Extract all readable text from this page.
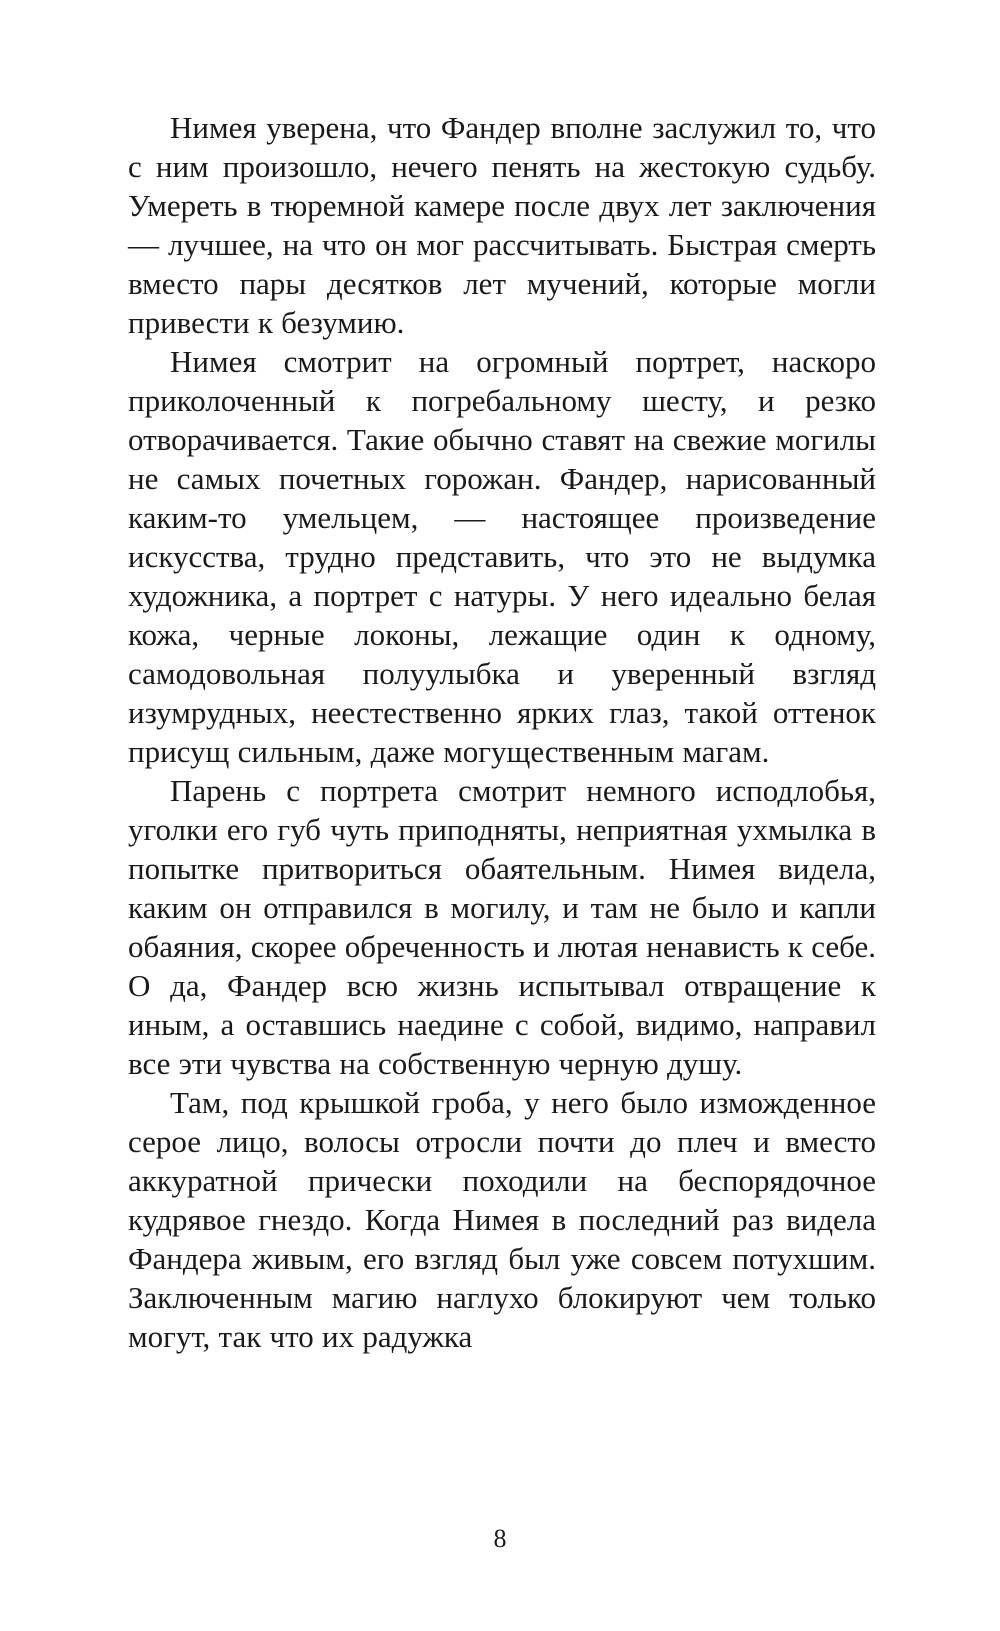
Нимея уверена, что Фандер вполне заслужил то, что с ним произошло, нечего пенять на жестокую судьбу. Умереть в тюремной камере после двух лет заключения — лучшее, на что он мог рассчитывать. Быстрая смерть вместо пары десятков лет мучений, которые могли привести к безумию.

Нимея смотрит на огромный портрет, наскоро приколоченный к погребальному шесту, и резко отворачивается. Такие обычно ставят на свежие могилы не самых почетных горожан. Фандер, нарисованный каким-то умельцем, — настоящее произведение искусства, трудно представить, что это не выдумка художника, а портрет с натуры. У него идеально белая кожа, черные локоны, лежащие один к одному, самодовольная полуулыбка и уверенный взгляд изумрудных, неестественно ярких глаз, такой оттенок присущ сильным, даже могущественным магам.

Парень с портрета смотрит немного исподлобья, уголки его губ чуть приподняты, неприятная ухмылка в попытке притвориться обаятельным. Нимея видела, каким он отправился в могилу, и там не было и капли обаяния, скорее обреченность и лютая ненависть к себе. О да, Фандер всю жизнь испытывал отвращение к иным, а оставшись наедине с собой, видимо, направил все эти чувства на собственную черную душу.

Там, под крышкой гроба, у него было изможденное серое лицо, волосы отросли почти до плеч и вместо аккуратной прически походили на беспорядочное кудрявое гнездо. Когда Нимея в последний раз видела Фандера живым, его взгляд был уже совсем потухшим. Заключенным магию наглухо блокируют чем только могут, так что их радужка

8
